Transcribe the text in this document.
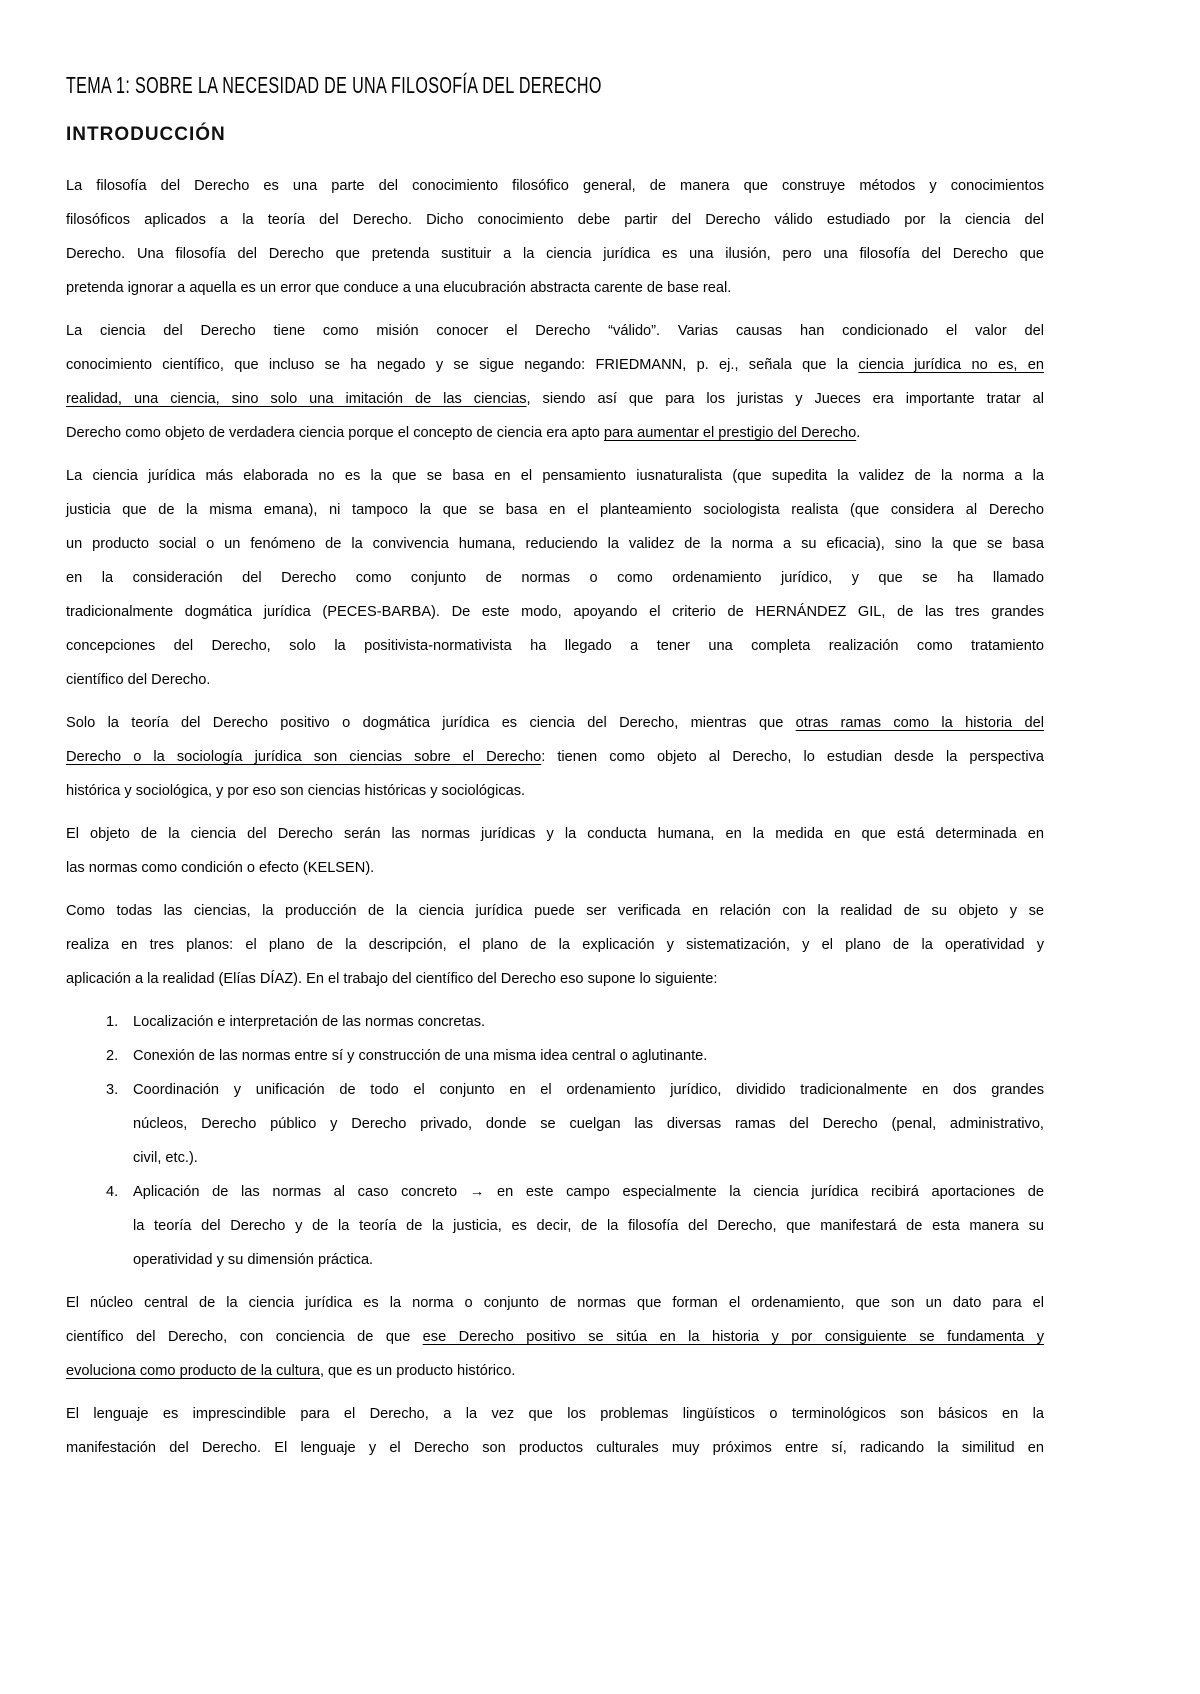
TEMA 1: SOBRE LA NECESIDAD DE UNA FILOSOFÍA DEL DERECHO
INTRODUCCIÓN
La filosofía del Derecho es una parte del conocimiento filosófico general, de manera que construye métodos y conocimientos
filosóficos aplicados a la teoría del Derecho. Dicho conocimiento debe partir del Derecho válido estudiado por la ciencia del
Derecho. Una filosofía del Derecho que pretenda sustituir a la ciencia jurídica es una ilusión, pero una filosofía del Derecho que
pretenda ignorar a aquella es un error que conduce a una elucubración abstracta carente de base real.
La ciencia del Derecho tiene como misión conocer el Derecho “válido”. Varias causas han condicionado el valor del
conocimiento científico, que incluso se ha negado y se sigue negando: FRIEDMANN, p. ej., señala que la ciencia jurídica no es, en
realidad, una ciencia, sino solo una imitación de las ciencias, siendo así que para los juristas y Jueces era importante tratar al
Derecho como objeto de verdadera ciencia porque el concepto de ciencia era apto para aumentar el prestigio del Derecho.
La ciencia jurídica más elaborada no es la que se basa en el pensamiento iusnaturalista (que supedita la validez de la norma a la
justicia que de la misma emana), ni tampoco la que se basa en el planteamiento sociologista realista (que considera al Derecho
un producto social o un fenómeno de la convivencia humana, reduciendo la validez de la norma a su eficacia), sino la que se basa
en la consideración del Derecho como conjunto de normas o como ordenamiento jurídico, y que se ha llamado
tradicionalmente dogmática jurídica (PECES-BARBA). De este modo, apoyando el criterio de HERNÁNDEZ GIL, de las tres grandes
concepciones del Derecho, solo la positivista-normativista ha llegado a tener una completa realización como tratamiento
científico del Derecho.
Solo la teoría del Derecho positivo o dogmática jurídica es ciencia del Derecho, mientras que otras ramas como la historia del
Derecho o la sociología jurídica son ciencias sobre el Derecho: tienen como objeto al Derecho, lo estudian desde la perspectiva
histórica y sociológica, y por eso son ciencias históricas y sociológicas.
El objeto de la ciencia del Derecho serán las normas jurídicas y la conducta humana, en la medida en que está determinada en
las normas como condición o efecto (KELSEN).
Como todas las ciencias, la producción de la ciencia jurídica puede ser verificada en relación con la realidad de su objeto y se
realiza en tres planos: el plano de la descripción, el plano de la explicación y sistematización, y el plano de la operatividad y
aplicación a la realidad (Elías DÍAZ). En el trabajo del científico del Derecho eso supone lo siguiente:
1. Localización e interpretación de las normas concretas.
2. Conexión de las normas entre sí y construcción de una misma idea central o aglutinante.
3. Coordinación y unificación de todo el conjunto en el ordenamiento jurídico, dividido tradicionalmente en dos grandes
núcleos, Derecho público y Derecho privado, donde se cuelgan las diversas ramas del Derecho (penal, administrativo,
civil, etc.).
4. Aplicación de las normas al caso concreto → en este campo especialmente la ciencia jurídica recibirá aportaciones de
la teoría del Derecho y de la teoría de la justicia, es decir, de la filosofía del Derecho, que manifestará de esta manera su
operatividad y su dimensión práctica.
El núcleo central de la ciencia jurídica es la norma o conjunto de normas que forman el ordenamiento, que son un dato para el
científico del Derecho, con conciencia de que ese Derecho positivo se sitúa en la historia y por consiguiente se fundamenta y
evoluciona como producto de la cultura, que es un producto histórico.
El lenguaje es imprescindible para el Derecho, a la vez que los problemas lingüísticos o terminológicos son básicos en la
manifestación del Derecho. El lenguaje y el Derecho son productos culturales muy próximos entre sí, radicando la similitud en
